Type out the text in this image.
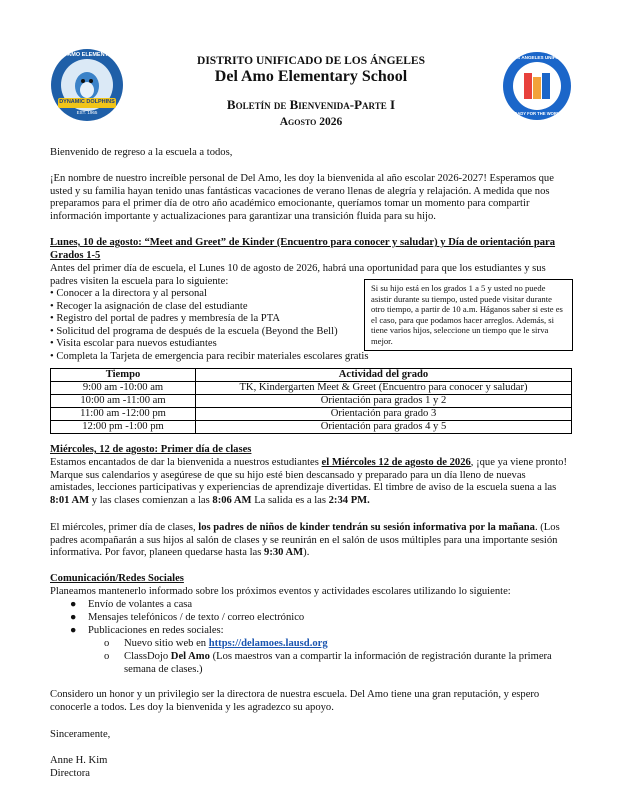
DYNAMIC DOLPHINS
DEL AMO ELEMENTARY
EST. 1965
LOS ANGELES UNIFIED
READY FOR THE WORLD
DISTRITO UNIFICADO DE LOS ÁNGELES
Del Amo Elementary School
Boletín de Bienvenida-Parte I
Agosto 2026
Bienvenido de regreso a la escuela a todos,
¡En nombre de nuestro increíble personal de Del Amo, les doy la bienvenida al año escolar 2026-2027! Esperamos que usted y su familia hayan tenido unas fantásticas vacaciones de verano llenas de alegría y relajación. A medida que nos preparamos para el primer día de otro año académico emocionante, queríamos tomar un momento para compartir información importante y actualizaciones para garantizar una transición fluida para su hijo.
Lunes, 10 de agosto: “Meet and Greet” de Kinder (Encuentro para conocer y saludar) y Día de orientación para Grados 1-5
Antes del primer día de escuela, el Lunes 10 de agosto de 2026, habrá una oportunidad para que los estudiantes y sus padres visiten la escuela para lo siguiente:
• Conocer a la directora y al personal
• Recoger la asignación de clase del estudiante
• Registro del portal de padres y membresía de la PTA
• Solicitud del programa de después de la escuela (Beyond the Bell)
• Visita escolar para nuevos estudiantes
• Completa la Tarjeta de emergencia para recibir materiales escolares gratis
Si su hijo está en los grados 1 a 5 y usted no puede asistir durante su tiempo, usted puede visitar durante otro tiempo, a partir de 10 a.m. Háganos saber si este es el caso, para que podamos hacer arreglos. Además, si tiene varios hijos, seleccione un tiempo que le sirva mejor.
Tiempo	Actividad del grado
9:00 am -10:00 am	TK, Kindergarten Meet & Greet (Encuentro para conocer y saludar)
10:00 am -11:00 am	Orientación para grados 1 y 2
11:00 am -12:00 pm	Orientación para grado 3
12:00 pm -1:00 pm	Orientación para grados 4 y 5
Miércoles, 12 de agosto: Primer día de clases

Estamos encantados de dar la bienvenida a nuestros estudiantes el Miércoles 12 de agosto de 2026, ¡que ya viene pronto! Marque sus calendarios y asegúrese de que su hijo esté bien descansado y preparado para un día lleno de nuevas amistades, lecciones participativas y experiencias de aprendizaje divertidas. El timbre de aviso de la escuela suena a las 8:01 AM y las clases comienzan a las 8:06 AM La salida es a las 2:34 PM.

El miércoles, primer día de clases, los padres de niños de kinder tendrán su sesión informativa por la mañana. (Los padres acompañarán a sus hijos al salón de clases y se reunirán en el salón de usos múltiples para una importante sesión informativa. Por favor, planeen quedarse hasta las 9:30 AM).

Comunicación/Redes Sociales
Planeamos mantenerlo informado sobre los próximos eventos y actividades escolares utilizando lo siguiente:
● Envío de volantes a casa
● Mensajes telefónicos / de texto / correo electrónico
● Publicaciones en redes sociales:
o Nuevo sitio web en https://delamoes.lausd.org
o ClassDojo Del Amo (Los maestros van a compartir la información de registración durante la primera semana de clases.)
Considero un honor y un privilegio ser la directora de nuestra escuela. Del Amo tiene una gran reputación, y espero conocerle a todos. Les doy la bienvenida y les agradezco su apoyo.
Sinceramente,
Anne H. Kim
Directora
